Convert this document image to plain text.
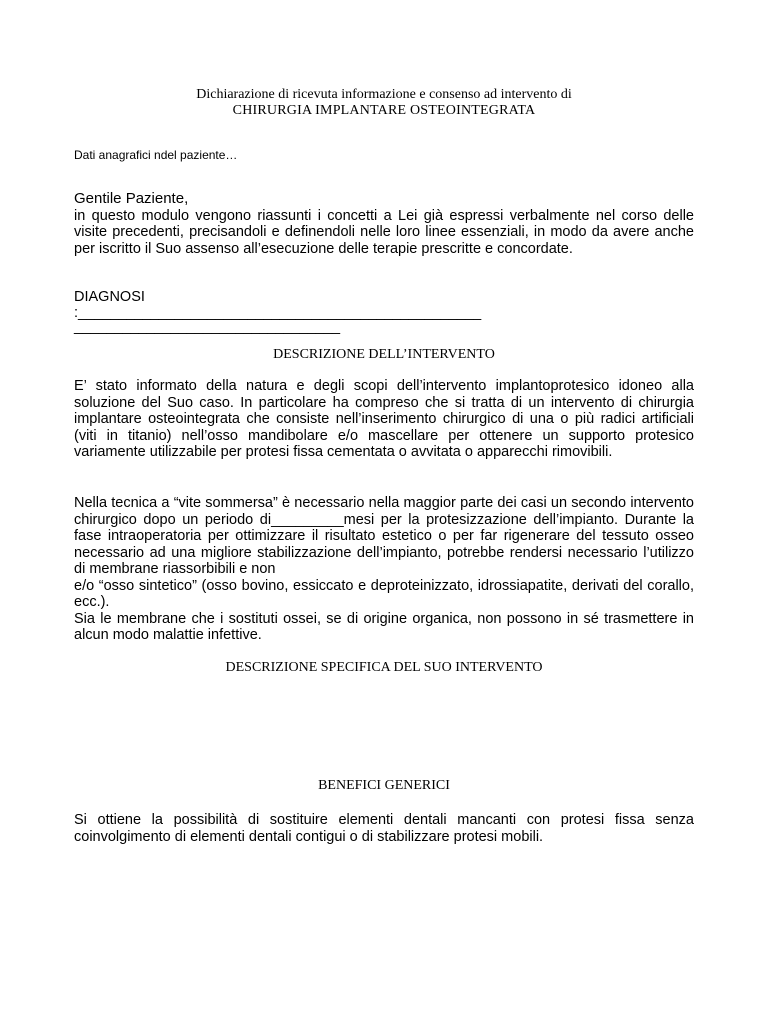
Dichiarazione di ricevuta informazione e consenso ad intervento di
CHIRURGIA IMPLANTARE OSTEOINTEGRATA
Dati anagrafici ndel paziente…

Gentile Paziente,

in questo modulo vengono riassunti i concetti a Lei già espressi verbalmente nel corso delle visite precedenti, precisandoli e definendoli nelle loro linee essenziali, in modo da avere anche per iscritto il Suo assenso all’esecuzione delle terapie prescritte e concordate.

DIAGNOSI
:__________________________________________________
_________________________________
DESCRIZIONE DELL’INTERVENTO

E’ stato informato della natura e degli scopi dell’intervento implantoprotesico idoneo alla soluzione del Suo caso. In particolare ha compreso che si tratta di un intervento di chirurgia implantare osteointegrata che consiste nell’inserimento chirurgico di una o più radici artificiali (viti in titanio) nell’osso mandibolare e/o mascellare per ottenere un supporto protesico variamente utilizzabile per protesi fissa cementata o avvitata o apparecchi rimovibili.

Nella tecnica a “vite sommersa” è necessario nella maggior parte dei casi un secondo intervento chirurgico dopo un periodo di_________mesi per la protesizzazione dell’impianto. Durante la fase intraoperatoria per ottimizzare il risultato estetico o per far rigenerare del tessuto osseo necessario ad una migliore stabilizzazione dell’impianto, potrebbe rendersi necessario l’utilizzo di membrane riassorbibili e non

e/o “osso sintetico” (osso bovino, essiccato e deproteinizzato, idrossiapatite, derivati del corallo, ecc.).

Sia le membrane che i sostituti ossei, se di origine organica, non possono in sé trasmettere in alcun modo malattie infettive.

DESCRIZIONE SPECIFICA DEL SUO INTERVENTO
BENEFICI GENERICI

Si ottiene la possibilità di sostituire elementi dentali mancanti con protesi fissa senza coinvolgimento di elementi dentali contigui o di stabilizzare protesi mobili.
